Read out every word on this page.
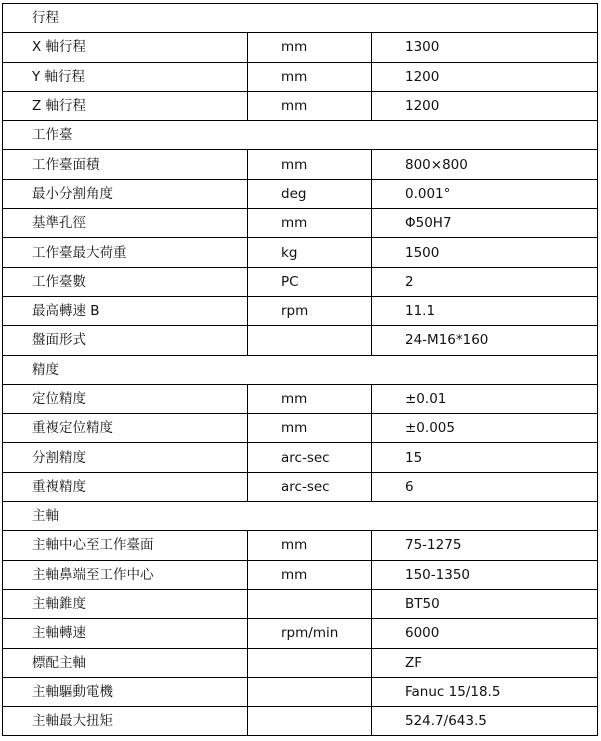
行程		
X 軸行程	mm	1300
Y 軸行程	mm	1200
Z 軸行程	mm	1200
工作臺		
工作臺面積	mm	800×800
最小分割角度	deg	0.001°
基準孔徑	mm	Φ50H7
工作臺最大荷重	kg	1500
工作臺數	PC	2
最高轉速 B	rpm	11.1
盤面形式		24-M16*160
精度		
定位精度	mm	±0.01
重複定位精度	mm	±0.005
分割精度	arc-sec	15
重複精度	arc-sec	6
主軸		
主軸中心至工作臺面	mm	75-1275
主軸鼻端至工作中心	mm	150-1350
主軸錐度		BT50
主軸轉速	rpm/min	6000
標配主軸		ZF
主軸驅動電機		Fanuc 15/18.5
主軸最大扭矩		524.7/643.5
